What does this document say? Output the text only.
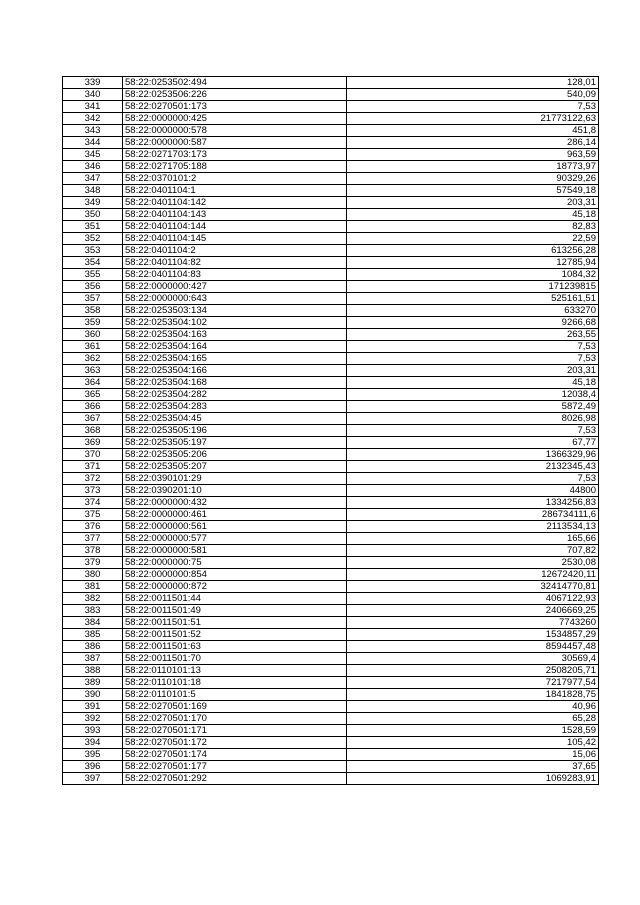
339	58:22:0253502:494	128,01
340	58:22:0253506:226	540,09
341	58:22:0270501:173	7,53
342	58:22:0000000:425	21773122,63
343	58:22:0000000:578	451,8
344	58:22:0000000:587	286,14
345	58:22:0271703:173	963,59
346	58:22:0271705:188	18773,97
347	58:22:0370101:2	90329,26
348	58:22:0401104:1	57549,18
349	58:22:0401104:142	203,31
350	58:22:0401104:143	45,18
351	58:22:0401104:144	82,83
352	58:22:0401104:145	22,59
353	58:22:0401104:2	613256,28
354	58:22:0401104:82	12785,94
355	58:22:0401104:83	1084,32
356	58:22:0000000:427	171239815
357	58:22:0000000:643	525161,51
358	58:22:0253503:134	633270
359	58:22:0253504:102	9266,68
360	58:22:0253504:163	263,55
361	58:22:0253504:164	7,53
362	58:22:0253504:165	7,53
363	58:22:0253504:166	203,31
364	58:22:0253504:168	45,18
365	58:22:0253504:282	12038,4
366	58:22:0253504:283	5872,49
367	58:22:0253504:45	8026,98
368	58:22:0253505:196	7,53
369	58:22:0253505:197	67,77
370	58:22:0253505:206	1366329,96
371	58:22:0253505:207	2132345,43
372	58:22:0390101:29	7,53
373	58:22:0390201:10	44800
374	58:22:0000000:432	1334256,83
375	58:22:0000000:461	286734111,6
376	58:22:0000000:561	2113534,13
377	58:22:0000000:577	165,66
378	58:22:0000000:581	707,82
379	58:22:0000000:75	2530,08
380	58:22:0000000:854	12672420,11
381	58:22:0000000:872	32414770,81
382	58:22:0011501:44	4067122,93
383	58:22:0011501:49	2406669,25
384	58:22:0011501:51	7743260
385	58:22:0011501:52	1534857,29
386	58:22:0011501:63	8594457,48
387	58:22:0011501:70	30569,4
388	58:22:0110101:13	2508205,71
389	58:22:0110101:18	7217977,54
390	58:22:0110101:5	1841828,75
391	58:22:0270501:169	40,96
392	58:22:0270501:170	65,28
393	58:22:0270501:171	1528,59
394	58:22:0270501:172	105,42
395	58:22:0270501:174	15,06
396	58:22:0270501:177	37,65
397	58:22:0270501:292	1069283,91
